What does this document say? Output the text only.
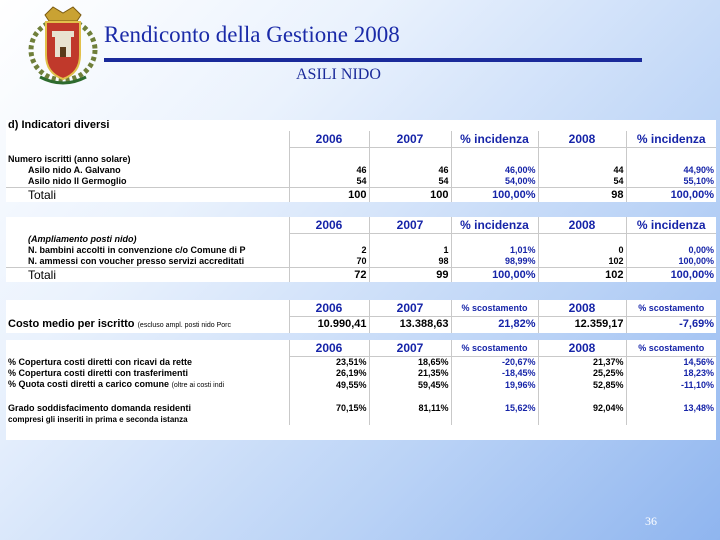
Rendiconto della Gestione 2008
ASILI NIDO
d) Indicatori diversi					
	2006	2007	% incidenza	2008	% incidenza

Numero iscritti (anno solare)					
Asilo nido A. Galvano	46	46	46,00%	44	44,90%
Asilo nido Il Germoglio	54	54	54,00%	54	55,10%
Totali	100	100	100,00%	98	100,00%
	2006	2007	% incidenza	2008	% incidenza
(Ampliamento posti nido)					
N. bambini accolti in convenzione c/o Comune di P	2	1	1,01%	0	0,00%
N. ammessi con voucher presso servizi accreditati	70	98	98,99%	102	100,00%
Totali	72	99	100,00%	102	100,00%
	2006	2007	% scostamento	2008	% scostamento
Costo medio per iscritto (escluso ampl. posti nido Porc	10.990,41	13.388,63	21,82%	12.359,17	-7,69%
	2006	2007	% scostamento	2008	% scostamento
% Copertura costi diretti con ricavi da rette	23,51%	18,65%	-20,67%	21,37%	14,56%
% Copertura costi diretti con trasferimenti	26,19%	21,35%	-18,45%	25,25%	18,23%
% Quota costi diretti a carico comune (oltre ai costi indi	49,55%	59,45%	19,96%	52,85%	-11,10%

Grado soddisfacimento domanda residenti	70,15%	81,11%	15,62%	92,04%	13,48%
compresi gli inseriti in prima e seconda istanza					
36
